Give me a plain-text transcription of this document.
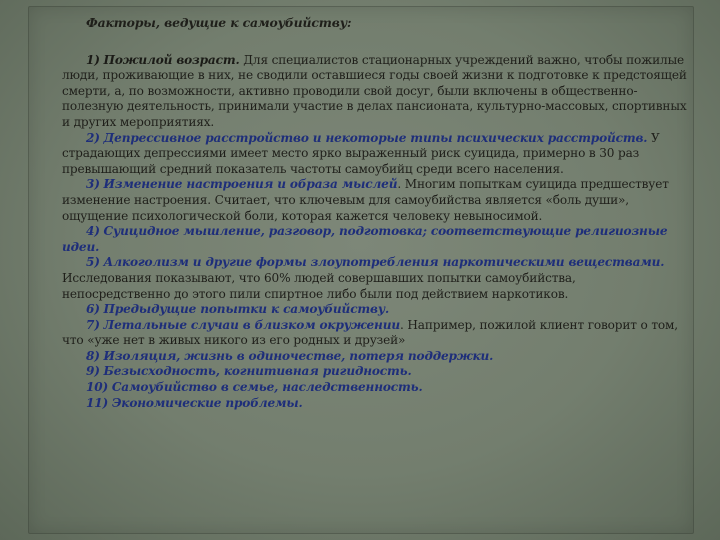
Факторы, ведущие к самоубийству:

1) Пожилой возраст. Для специалистов стационарных учреждений важно, чтобы пожилые люди, проживающие в них, не сводили оставшиеся годы своей жизни к подготовке к предстоящей смерти, а, по возможности, активно проводили свой досуг, были включены в общественно-полезную деятельность, принимали участие в делах пансионата, культурно-массовых, спортивных и других мероприятиях.

2) Депрессивное расстройство и некоторые типы психических расстройств. У страдающих депрессиями имеет место ярко выраженный риск суицида, примерно в 30 раз превышающий средний показатель частоты самоубийц среди всего населения.

3) Изменение настроения и образа мыслей. Многим попыткам суицида предшествует изменение настроения. Считает, что ключевым для самоубийства является «боль души», ощущение психологической боли, которая кажется человеку невыносимой.

4) Суицидное мышление, разговор, подготовка; соответствующие религиозные идеи.

5) Алкоголизм и другие формы злоупотребления наркотическими веществами. Исследования показывают, что 60% людей совершавших попытки самоубийства, непосредственно до этого пили спиртное либо были под действием наркотиков.

6) Предыдущие попытки к самоубийству.

7) Летальные случаи в близком окружении. Например, пожилой клиент говорит о том, что «уже нет в живых никого из его родных и друзей»

8) Изоляция, жизнь в одиночестве, потеря поддержки.

9) Безысходность, когнитивная ригидность.

10) Самоубийство в семье, наследственность.

11) Экономические проблемы.
